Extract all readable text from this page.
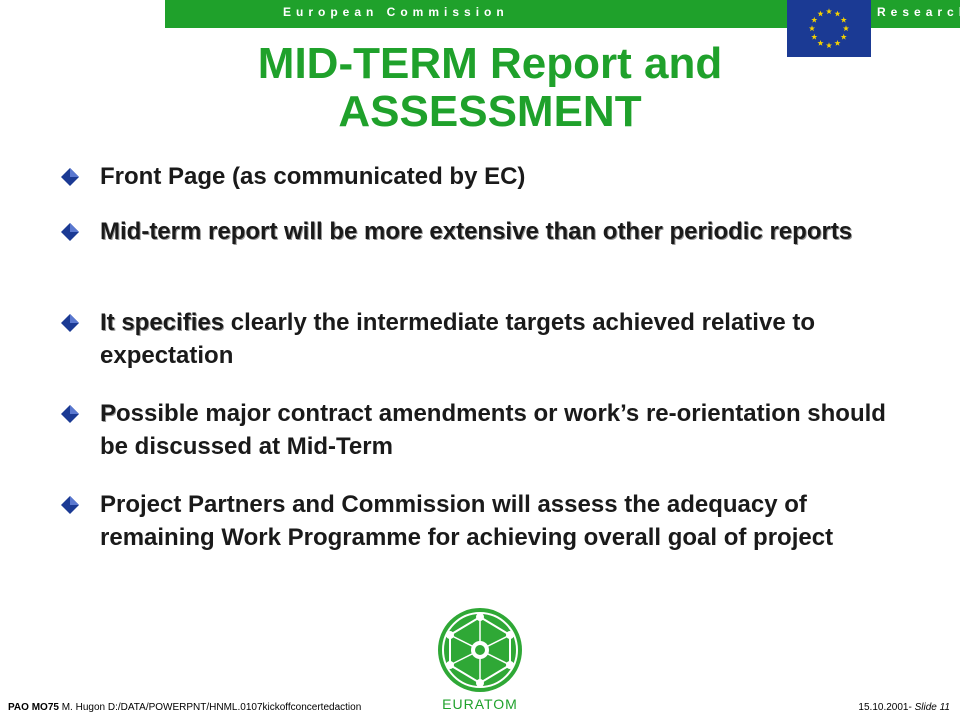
European Commission	Research
MID-TERM Report and
ASSESSMENT
Front Page (as communicated by EC)
Mid-term report will be more extensive than other periodic reports
It specifies clearly the intermediate targets achieved relative to expectation
Possible major contract amendments or work’s re-orientation should be discussed at Mid-Term
Project Partners and Commission will assess the adequacy of remaining Work Programme for achieving overall goal of project
EURATOM
PAO MO75 M. Hugon D:/DATA/POWERPNT/HNML.0107kickoffconcertedaction	15.10.2001- Slide 11
